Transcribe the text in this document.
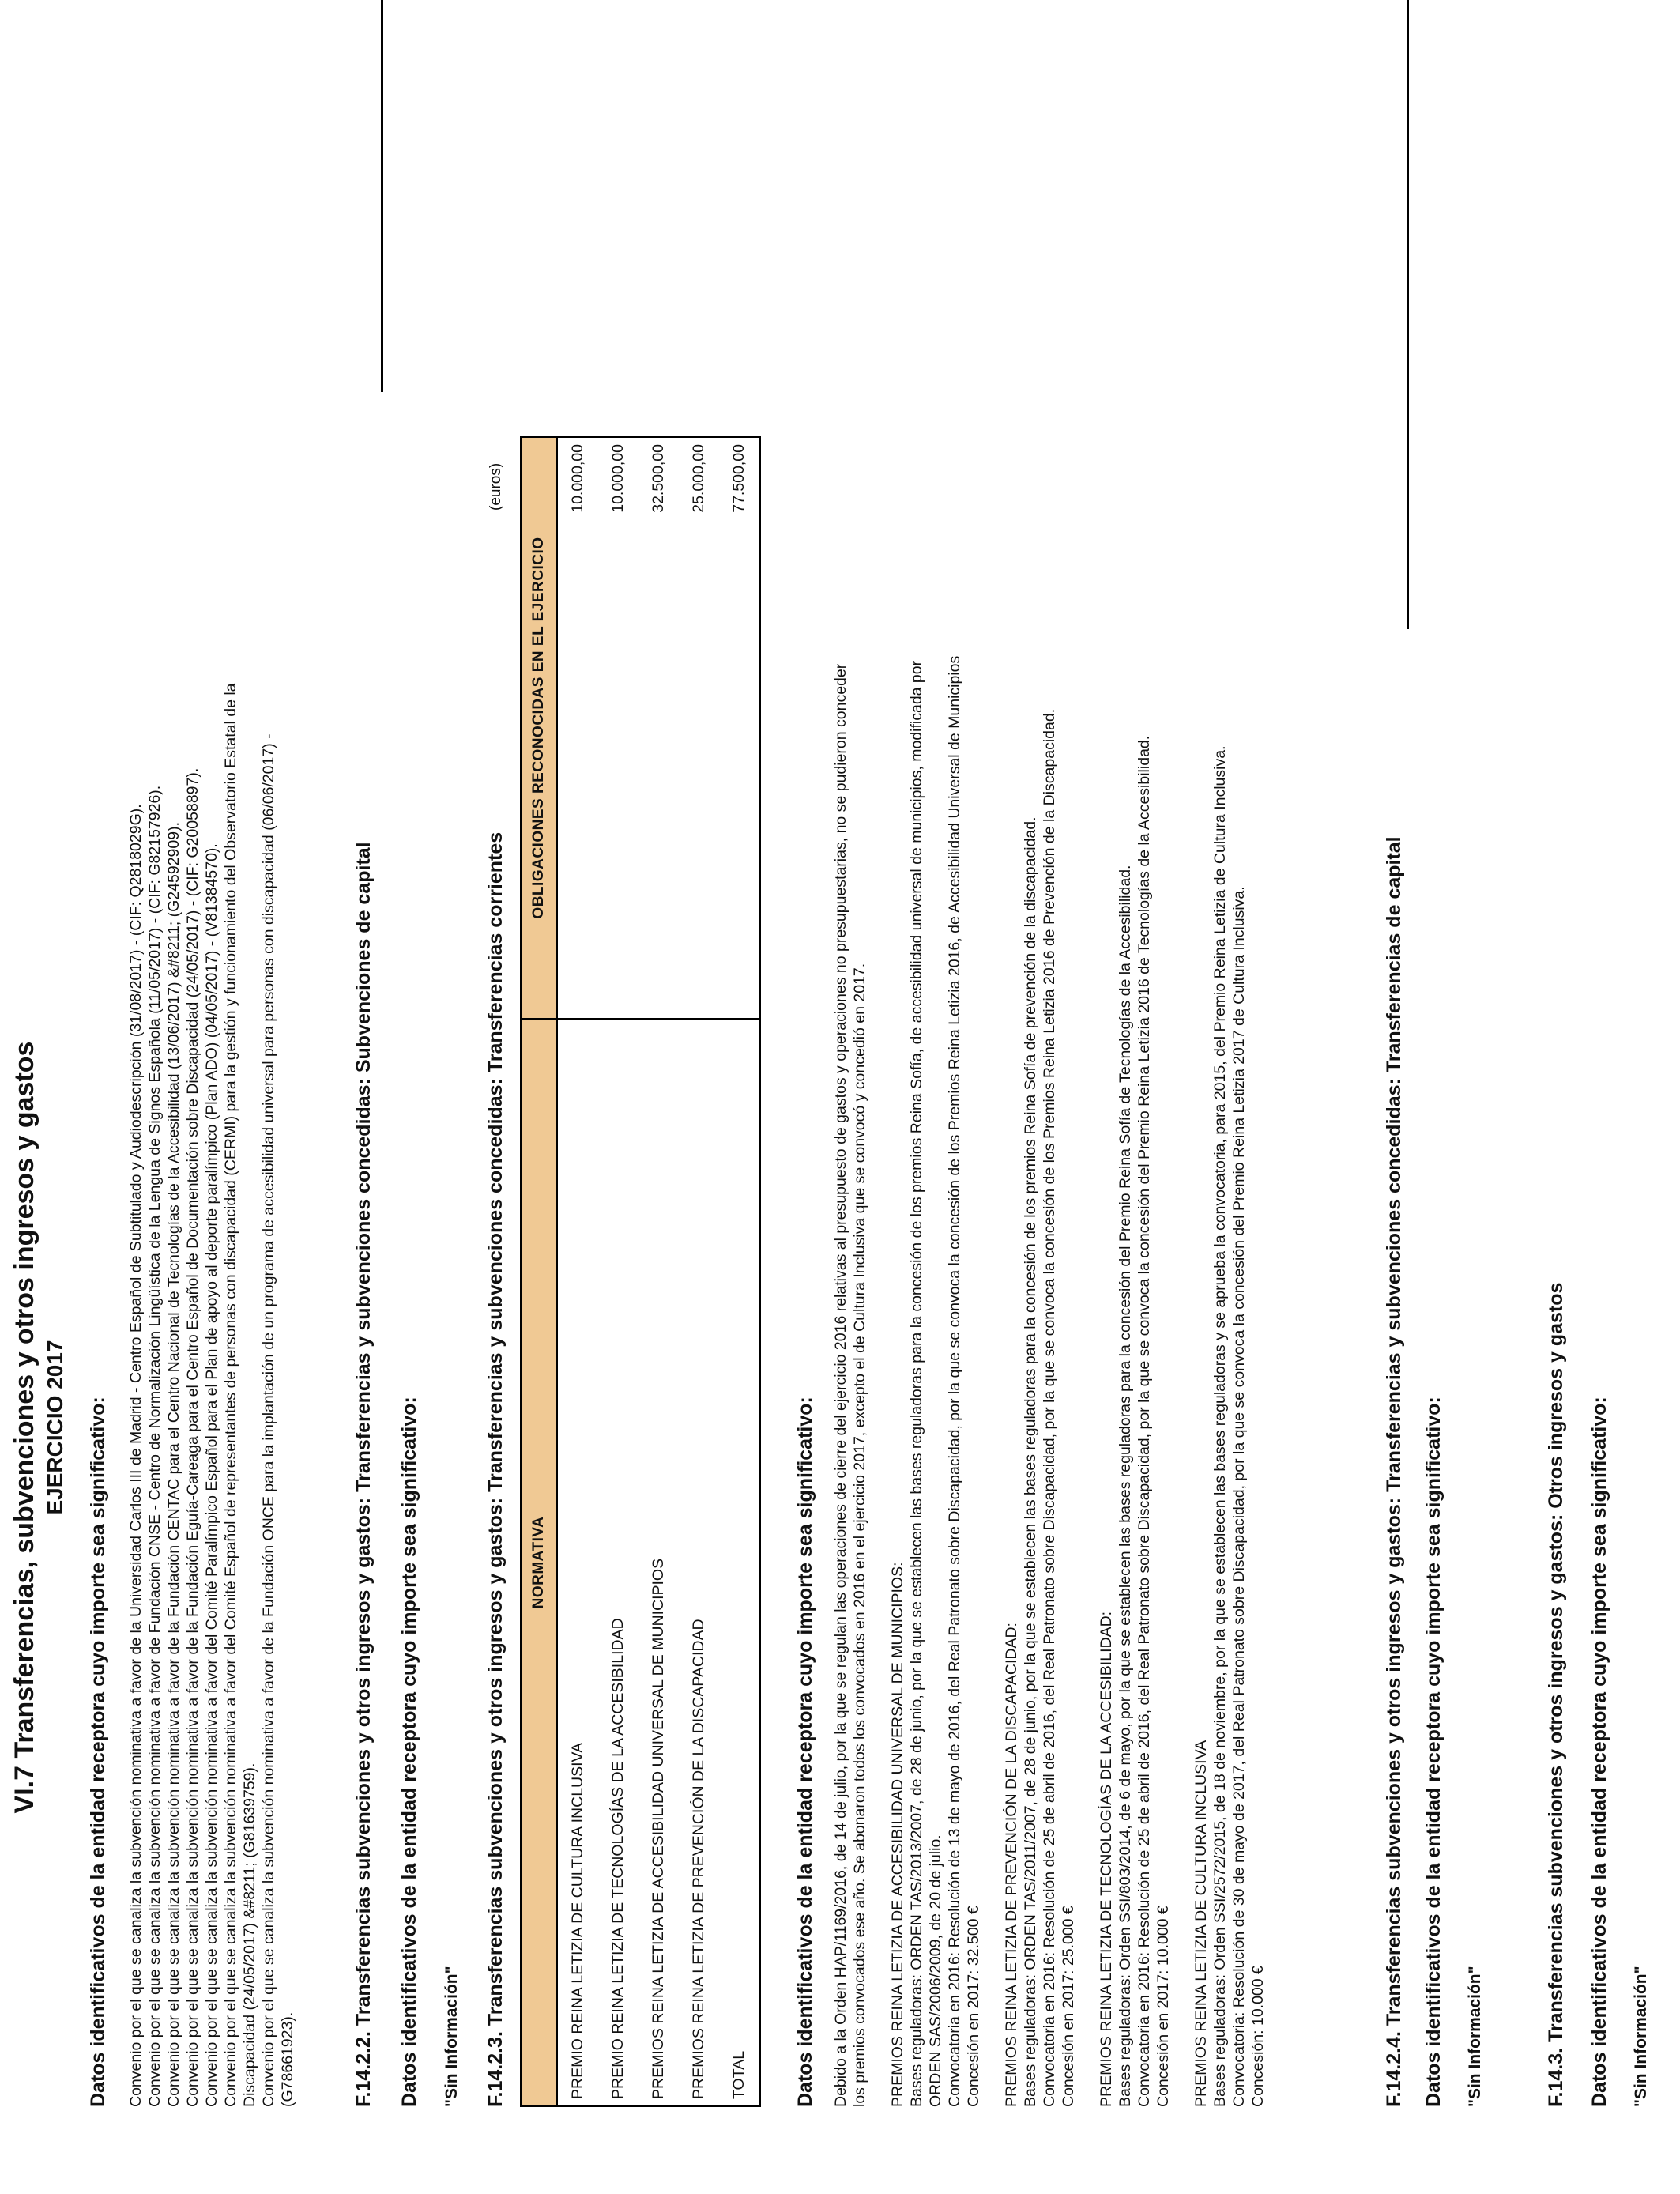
VI.7 Transferencias, subvenciones y otros ingresos y gastos EJERCICIO 2017 Datos identificativos de la entidad receptora cuyo importe sea significativo: Convenio por el que se canaliza la subvención nominativa a favor de la Universidad Carlos III de Madrid - Centro Español de Subtitulado y Audiodescripción (31/08/2017) - (CIF: Q2818029G). Convenio por el que se canaliza la subvención nominativa a favor de Fundación CNSE - Centro de Normalización Lingüística de la Lengua de Signos Española (11/05/2017) - (CIF: G82157926). Convenio por el que se canaliza la subvención nominativa a favor de la Fundación CENTAC para el Centro Nacional de Tecnologías de la Accesibilidad (13/06/2017) &#8211; (G24592909). Convenio por el que se canaliza la subvención nominativa a favor de la Fundación Eguía-Careaga para el Centro Español de Documentación sobre Discapacidad (24/05/2017) - (CIF: G20058897). Convenio por el que se canaliza la subvención nominativa a favor del Comité Paralímpico Español para el Plan de apoyo al deporte paralímpico (Plan ADO) (04/05/2017) - (V81384570). Convenio por el que se canaliza la subvención nominativa a favor del Comité Español de representantes de personas con discapacidad (CERMI) para la gestión y funcionamiento del Observatorio Estatal de la Discapacidad (24/05/2017) &#8211; (G81639759). Convenio por el que se canaliza la subvención nominativa a favor de la Fundación ONCE para la implantación de un programa de accesibilidad universal para personas con discapacidad (06/06/2017) - (G78661923).	F.14.2.2. Transferencias subvenciones y otros ingresos y gastos: Transferencias y subvenciones concedidas: Subvenciones de capital Datos identificativos de la entidad receptora cuyo importe sea significativo: "Sin Información" F.14.2.3. Transferencias subvenciones y otros ingresos y gastos: Transferencias y subvenciones concedidas: Transferencias corrientes
(euros)
NORMATIVA	OBLIGACIONES RECONOCIDAS EN EL EJERCICIO
PREMIO REINA LETIZIA DE CULTURA INCLUSIVA	10.000,00
PREMIO REINA LETIZIA DE TECNOLOGÍAS DE LA ACCESIBILIDAD	10.000,00
PREMIOS REINA LETIZIA DE ACCESIBILIDAD UNIVERSAL DE MUNICIPIOS	32.500,00
PREMIOS REINA LETIZIA DE PREVENCIÓN DE LA DISCAPACIDAD	25.000,00
TOTAL	77.500,00
Datos identificativos de la entidad receptora cuyo importe sea significativo: Debido a la Orden HAP/1169/2016, de 14 de julio, por la que se regulan las operaciones de cierre del ejercicio 2016 relativas al presupuesto de gastos y operaciones no presupuestarias, no se pudieron conceder los premios convocados ese año. Se abonaron todos los convocados en 2016 en el ejercicio 2017, excepto el de Cultura Inclusiva que se convocó y concedió en 2017. PREMIOS REINA LETIZIA DE ACCESIBILIDAD UNIVERSAL DE MUNICIPIOS: Bases reguladoras: ORDEN TAS/2013/2007, de 28 de junio, por la que se establecen las bases reguladoras para la concesión de los premios Reina Sofía, de accesibilidad universal de municipios, modificada por ORDEN SAS/2006/2009, de 20 de julio. Convocatoria en 2016: Resolución de 13 de mayo de 2016, del Real Patronato sobre Discapacidad, por la que se convoca la concesión de los Premios Reina Letizia 2016, de Accesibilidad Universal de Municipios Concesión en 2017: 32.500 € PREMIOS REINA LETIZIA DE PREVENCIÓN DE LA DISCAPACIDAD: Bases reguladoras: ORDEN TAS/2011/2007, de 28 de junio, por la que se establecen las bases reguladoras para la concesión de los premios Reina Sofía de prevención de la discapacidad. Convocatoria en 2016: Resolución de 25 de abril de 2016, del Real Patronato sobre Discapacidad, por la que se convoca la concesión de los Premios Reina Letizia 2016 de Prevención de la Discapacidad. Concesión en 2017: 25.000 € PREMIOS REINA LETIZIA DE TECNOLOGÍAS DE LA ACCESIBILIDAD: Bases reguladoras: Orden SSI/803/2014, de 6 de mayo, por la que se establecen las bases reguladoras para la concesión del Premio Reina Sofía de Tecnologías de la Accesibilidad. Convocatoria en 2016: Resolución de 25 de abril de 2016, del Real Patronato sobre Discapacidad, por la que se convoca la concesión del Premio Reina Letizia 2016 de Tecnologías de la Accesibilidad. Concesión en 2017: 10.000 € PREMIOS REINA LETIZIA DE CULTURA INCLUSIVA Bases reguladoras: Orden SSI/2572/2015, de 18 de noviembre, por la que se establecen las bases reguladoras y se aprueba la convocatoria, para 2015, del Premio Reina Letizia de Cultura Inclusiva. Convocatoria: Resolución de 30 de mayo de 2017, del Real Patronato sobre Discapacidad, por la que se convoca la concesión del Premio Reina Letizia 2017 de Cultura Inclusiva. Concesión: 10.000 €	F.14.2.4. Transferencias subvenciones y otros ingresos y gastos: Transferencias y subvenciones concedidas: Transferencias de capital Datos identificativos de la entidad receptora cuyo importe sea significativo: "Sin Información"	F.14.3. Transferencias subvenciones y otros ingresos y gastos: Otros ingresos y gastos Datos identificativos de la entidad receptora cuyo importe sea significativo: "Sin Información"
